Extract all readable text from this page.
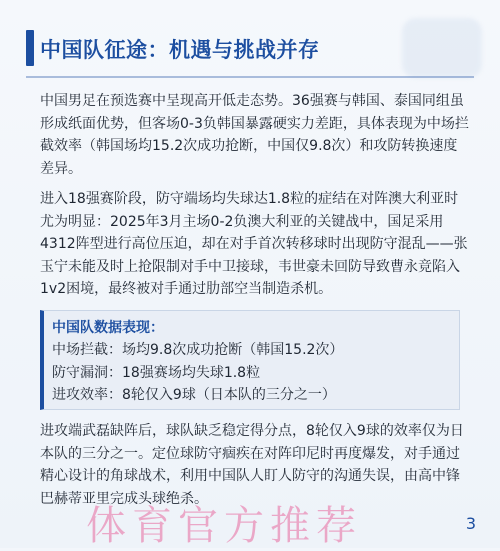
中国队征途：机遇与挑战并存

中国男足在预选赛中呈现高开低走态势。36强赛与韩国、泰国同组虽形成纸面优势，但客场0-3负韩国暴露硬实力差距，具体表现为中场拦截效率（韩国场均15.2次成功抢断，中国仅9.8次）和攻防转换速度差异。

进入18强赛阶段，防守端场均失球达1.8粒的症结在对阵澳大利亚时尤为明显：2025年3月主场0-2负澳大利亚的关键战中，国足采用4312阵型进行高位压迫，却在对手首次转移球时出现防守混乱——张玉宁未能及时上抢限制对手中卫接球，韦世豪未回防导致曹永竞陷入1v2困境，最终被对手通过肋部空当制造杀机。

中国队数据表现：

中场拦截：场均9.8次成功抢断（韩国15.2次）

防守漏洞：18强赛场均失球1.8粒

进攻效率：8轮仅入9球（日本队的三分之一）

进攻端武磊缺阵后，球队缺乏稳定得分点，8轮仅入9球的效率仅为日本队的三分之一。定位球防守痼疾在对阵印尼时再度爆发，对手通过精心设计的角球战术，利用中国队人盯人防守的沟通失误，由高中锋巴赫蒂亚里完成头球绝杀。

体育官方推荐	3
